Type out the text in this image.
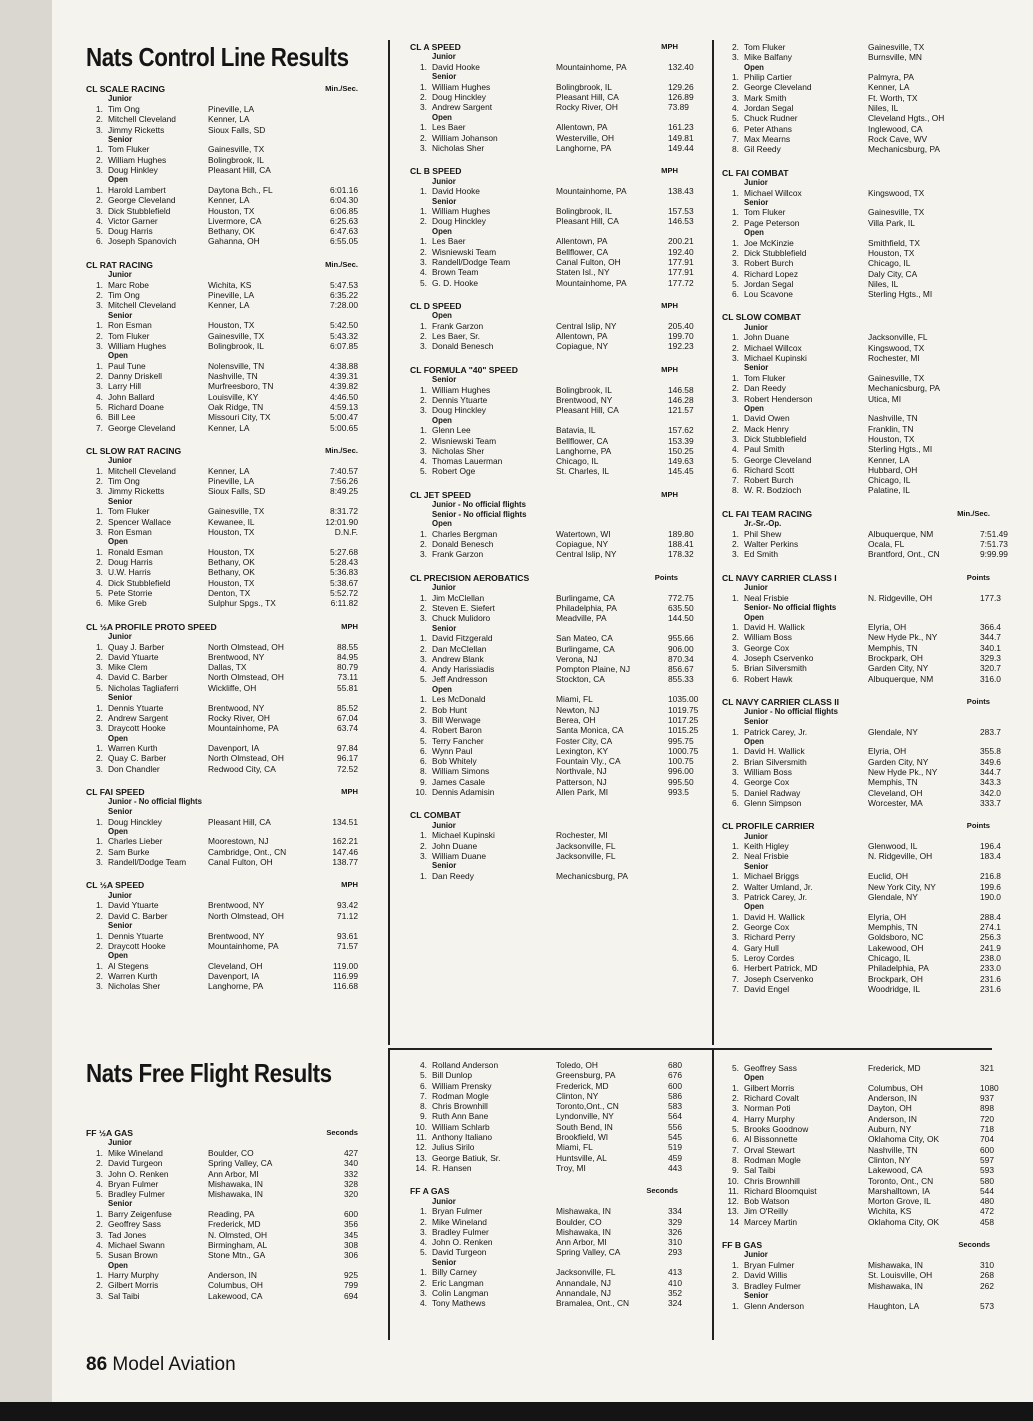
Nats Control Line Results
CL SCALE RACING	Min./Sec.
Junior
1. Tim Ong	Pineville, LA
2. Mitchell Cleveland	Kenner, LA
3. Jimmy Ricketts	Sioux Falls, SD
Senior
1. Tom Fluker	Gainesville, TX
2. William Hughes	Bolingbrook, IL
3. Doug Hinkley	Pleasant Hill, CA
Open
1. Harold Lambert	Daytona Bch., FL	6:01.16
2. George Cleveland	Kenner, LA	6:04.30
3. Dick Stubblefield	Houston, TX	6:06.85
4. Victor Garner	Livermore, CA	6:25.63
5. Doug Harris	Bethany, OK	6:47.63
6. Joseph Spanovich	Gahanna, OH	6:55.05
CL RAT RACING	Min./Sec.
Junior
1. Marc Robe	Wichita, KS	5:47.53
2. Tim Ong	Pineville, LA	6:35.22
3. Mitchell Cleveland	Kenner, LA	7:28.00
Senior
1. Ron Esman	Houston, TX	5:42.50
2. Tom Fluker	Gainesville, TX	5:43.32
3. William Hughes	Bolingbrook, IL	6:07.85
Open
1. Paul Tune	Nolensville, TN	4:38.88
2. Danny Driskell	Nashville, TN	4:39.31
3. Larry Hill	Murfreesboro, TN	4:39.82
4. John Ballard	Louisville, KY	4:46.50
5. Richard Doane	Oak Ridge, TN	4:59.13
6. Bill Lee	Missouri City, TX	5:00.47
7. George Cleveland	Kenner, LA	5:00.65
CL SLOW RAT RACING	Min./Sec.
Junior
1. Mitchell Cleveland	Kenner, LA	7:40.57
2. Tim Ong	Pineville, LA	7:56.26
3. Jimmy Ricketts	Sioux Falls, SD	8:49.25
Senior
1. Tom Fluker	Gainesville, TX	8:31.72
2. Spencer Wallace	Kewanee, IL	12:01.90
3. Ron Esman	Houston, TX	D.N.F.
Open
1. Ronald Esman	Houston, TX	5:27.68
2. Doug Harris	Bethany, OK	5:28.43
3. U.W. Harris	Bethany, OK	5:36.83
4. Dick Stubblefield	Houston, TX	5:38.67
5. Pete Storrie	Denton, TX	5:52.72
6. Mike Greb	Sulphur Spgs., TX	6:11.82
CL ½A PROFILE PROTO SPEED	MPH
Junior
1. Quay J. Barber	North Olmstead, OH	88.55
2. David Ytuarte	Brentwood, NY	84.95
3. Mike Clem	Dallas, TX	80.79
4. David C. Barber	North Olmstead, OH	73.11
5. Nicholas Tagliaferri	Wickliffe, OH	55.81
Senior
1. Dennis Ytuarte	Brentwood, NY	85.52
2. Andrew Sargent	Rocky River, OH	67.04
3. Draycott Hooke	Mountainhome, PA	63.74
Open
1. Warren Kurth	Davenport, IA	97.84
2. Quay C. Barber	North Olmstead, OH	96.17
3. Don Chandler	Redwood City, CA	72.52
CL FAI SPEED	MPH
Junior - No official flights
Senior
1. Doug Hinckley	Pleasant Hill, CA	134.51
Open
1. Charles Lieber	Moorestown, NJ	162.21
2. Sam Burke	Cambridge, Ont., CN	147.46
3. Randell/Dodge Team	Canal Fulton, OH	138.77
CL ½A SPEED	MPH
Junior
1. David Ytuarte	Brentwood, NY	93.42
2. David C. Barber	North Olmstead, OH	71.12
Senior
1. Dennis Ytuarte	Brentwood, NY	93.61
2. Draycott Hooke	Mountainhome, PA	71.57
Open
1. Al Stegens	Cleveland, OH	119.00
2. Warren Kurth	Davenport, IA	116.99
3. Nicholas Sher	Langhorne, PA	116.68
CL A SPEED	MPH
Junior
1. David Hooke	Mountainhome, PA	132.40
Senior
1. William Hughes	Bolingbrook, IL	129.26
2. Doug Hinckley	Pleasant Hill, CA	126.89
3. Andrew Sargent	Rocky River, OH	73.89
Open
1. Les Baer	Allentown, PA	161.23
2. William Johanson	Westerville, OH	149.81
3. Nicholas Sher	Langhorne, PA	149.44
CL B SPEED	MPH
Junior
1. David Hooke	Mountainhome, PA	138.43
Senior
1. William Hughes	Bolingbrook, IL	157.53
2. Doug Hinckley	Pleasant Hill, CA	146.53
Open
1. Les Baer	Allentown, PA	200.21
2. Wisniewski Team	Bellflower, CA	192.40
3. Randell/Dodge Team	Canal Fulton, OH	177.91
4. Brown Team	Staten Isl., NY	177.91
5. G. D. Hooke	Mountainhome, PA	177.72
CL D SPEED	MPH
Open
1. Frank Garzon	Central Islip, NY	205.40
2. Les Baer, Sr.	Allentown, PA	199.70
3. Donald Benesch	Copiague, NY	192.23
CL FORMULA "40" SPEED	MPH
Senior
1. William Hughes	Bolingbrook, IL	146.58
2. Dennis Ytuarte	Brentwood, NY	146.28
3. Doug Hinckley	Pleasant Hill, CA	121.57
Open
1. Glenn Lee	Batavia, IL	157.62
2. Wisniewski Team	Bellflower, CA	153.39
3. Nicholas Sher	Langhorne, PA	150.25
4. Thomas Lauerman	Chicago, IL	149.63
5. Robert Oge	St. Charles, IL	145.45
CL JET SPEED	MPH
Junior - No official flights
Senior - No official flights
Open
1. Charles Bergman	Watertown, WI	189.80
2. Donald Benesch	Copiague, NY	188.41
3. Frank Garzon	Central Islip, NY	178.32
CL PRECISION AEROBATICS	Points
Junior
1. Jim McClellan	Burlingame, CA	772.75
2. Steven E. Siefert	Philadelphia, PA	635.50
3. Chuck Mulidoro	Meadville, PA	144.50
Senior
1. David Fitzgerald	San Mateo, CA	955.66
2. Dan McClellan	Burlingame, CA	906.00
3. Andrew Blank	Verona, NJ	870.34
4. Andy Harissiadis	Pompton Plaine, NJ	856.67
5. Jeff Andresson	Stockton, CA	855.33
Open
1. Les McDonald	Miami, FL	1035.00
2. Bob Hunt	Newton, NJ	1019.75
3. Bill Werwage	Berea, OH	1017.25
4. Robert Baron	Santa Monica, CA	1015.25
5. Terry Fancher	Foster City, CA	995.75
6. Wynn Paul	Lexington, KY	1000.75
6. Bob Whitely	Fountain Vly., CA	100.75
8. William Simons	Northvale, NJ	996.00
9. James Casale	Patterson, NJ	995.50
10. Dennis Adamisin	Allen Park, MI	993.5
CL COMBAT
Junior
1. Michael Kupinski	Rochester, MI
2. John Duane	Jacksonville, FL
3. William Duane	Jacksonville, FL
Senior
1. Dan Reedy	Mechanicsburg, PA
2. Tom Fluker	Gainesville, TX
3. Mike Balfany	Burnsville, MN
Open
1. Philip Cartier	Palmyra, PA
2. George Cleveland	Kenner, LA
3. Mark Smith	Ft. Worth, TX
4. Jordan Segal	Niles, IL
5. Chuck Rudner	Cleveland Hgts., OH
6. Peter Athans	Inglewood, CA
7. Max Mearns	Rock Cave, WV
8. Gil Reedy	Mechanicsburg, PA
CL FAI COMBAT
Junior
1. Michael Willcox	Kingswood, TX
Senior
1. Tom Fluker	Gainesville, TX
2. Page Peterson	Villa Park, IL
Open
1. Joe McKinzie	Smithfield, TX
2. Dick Stubblefield	Houston, TX
3. Robert Burch	Chicago, IL
4. Richard Lopez	Daly City, CA
5. Jordan Segal	Niles, IL
6. Lou Scavone	Sterling Hgts., MI
CL SLOW COMBAT
Junior
1. John Duane	Jacksonville, FL
2. Michael Willcox	Kingswood, TX
3. Michael Kupinski	Rochester, MI
Senior
1. Tom Fluker	Gainesville, TX
2. Dan Reedy	Mechanicsburg, PA
3. Robert Henderson	Utica, MI
Open
1. David Owen	Nashville, TN
2. Mack Henry	Franklin, TN
3. Dick Stubblefield	Houston, TX
4. Paul Smith	Sterling Hgts., MI
5. George Cleveland	Kenner, LA
6. Richard Scott	Hubbard, OH
7. Robert Burch	Chicago, IL
8. W. R. Bodzioch	Palatine, IL
CL FAI TEAM RACING	Min./Sec.
Jr.-Sr.-Op.
1. Phil Shew	Albuquerque, NM	7:51.49
2. Walter Perkins	Ocala, FL	7:51.73
3. Ed Smith	Brantford, Ont., CN	9:99.99
CL NAVY CARRIER CLASS I	Points
Junior
1. Neal Frisbie	N. Ridgeville, OH	177.3
Senior- No official flights
Open
1. David H. Wallick	Elyria, OH	366.4
2. William Boss	New Hyde Pk., NY	344.7
3. George Cox	Memphis, TN	340.1
4. Joseph Cservenko	Brockpark, OH	329.3
5. Brian Silversmith	Garden City, NY	320.7
6. Robert Hawk	Albuquerque, NM	316.0
CL NAVY CARRIER CLASS II	Points
Junior - No official flights
Senior
1. Patrick Carey, Jr.	Glendale, NY	283.7
Open
1. David H. Wallick	Elyria, OH	355.8
2. Brian Silversmith	Garden City, NY	349.6
3. William Boss	New Hyde Pk., NY	344.7
4. George Cox	Memphis, TN	343.3
5. Daniel Radway	Cleveland, OH	342.0
6. Glenn Simpson	Worcester, MA	333.7
CL PROFILE CARRIER	Points
Junior
1. Keith Higley	Glenwood, IL	196.4
2. Neal Frisbie	N. Ridgeville, OH	183.4
Senior
1. Michael Briggs	Euclid, OH	216.8
2. Walter Umland, Jr.	New York City, NY	199.6
3. Patrick Carey, Jr.	Glendale, NY	190.0
Open
1. David H. Wallick	Elyria, OH	288.4
2. George Cox	Memphis, TN	274.1
3. Richard Perry	Goldsboro, NC	256.3
4. Gary Hull	Lakewood, OH	241.9
5. Leroy Cordes	Chicago, IL	238.0
6. Herbert Patrick, MD	Philadelphia, PA	233.0
7. Joseph Cservenko	Brockpark, OH	231.6
7. David Engel	Woodridge, IL	231.6
Nats Free Flight Results
FF ½A GAS	Seconds
Junior
1. Mike Wineland	Boulder, CO	427
2. David Turgeon	Spring Valley, CA	340
3. John O. Renken	Ann Arbor, MI	332
4. Bryan Fulmer	Mishawaka, IN	328
5. Bradley Fulmer	Mishawaka, IN	320
Senior
1. Barry Zeigenfuse	Reading, PA	600
2. Geoffrey Sass	Frederick, MD	356
3. Tad Jones	N. Olmsted, OH	345
4. Michael Swann	Birmingham, AL	308
5. Susan Brown	Stone Mtn., GA	306
Open
1. Harry Murphy	Anderson, IN	925
2. Gilbert Morris	Columbus, OH	799
3. Sal Taibi	Lakewood, CA	694
4. Rolland Anderson	Toledo, OH	680
5. Bill Dunlop	Greensburg, PA	676
6. William Prensky	Frederick, MD	600
7. Rodman Mogle	Clinton, NY	586
8. Chris Brownhill	Toronto,Ont., CN	583
9. Ruth Ann Bane	Lyndonville, NY	564
10. William Schlarb	South Bend, IN	556
11. Anthony Italiano	Brookfield, WI	545
12. Julius Sirilo	Miami, FL	519
13. George Batiuk, Sr.	Huntsville, AL	459
14. R. Hansen	Troy, MI	443
FF A GAS	Seconds
Junior
1. Bryan Fulmer	Mishawaka, IN	334
2. Mike Wineland	Boulder, CO	329
3. Bradley Fulmer	Mishawaka, IN	326
4. John O. Renken	Ann Arbor, MI	310
5. David Turgeon	Spring Valley, CA	293
Senior
1. Billy Carney	Jacksonville, FL	413
2. Eric Langman	Annandale, NJ	410
3. Colin Langman	Annandale, NJ	352
4. Tony Mathews	Bramalea, Ont., CN	324
5. Geoffrey Sass	Frederick, MD	321
Open
1. Gilbert Morris	Columbus, OH	1080
2. Richard Covalt	Anderson, IN	937
3. Norman Poti	Dayton, OH	898
4. Harry Murphy	Anderson, IN	720
5. Brooks Goodnow	Auburn, NY	718
6. Al Bissonnette	Oklahoma City, OK	704
7. Orval Stewart	Nashville, TN	600
8. Rodman Mogle	Clinton, NY	597
9. Sal Taibi	Lakewood, CA	593
10. Chris Brownhill	Toronto, Ont., CN	580
11. Richard Bloomquist	Marshalltown, IA	544
12. Bob Watson	Morton Grove, IL	480
13. Jim O'Reilly	Wichita, KS	472
14 Marcey Martin	Oklahoma City, OK	458
FF B GAS	Seconds
Junior
1. Bryan Fulmer	Mishawaka, IN	310
2. David Willis	St. Louisville, OH	268
3. Bradley Fulmer	Mishawaka, IN	262
Senior
1. Glenn Anderson	Haughton, LA	573
86 Model Aviation
